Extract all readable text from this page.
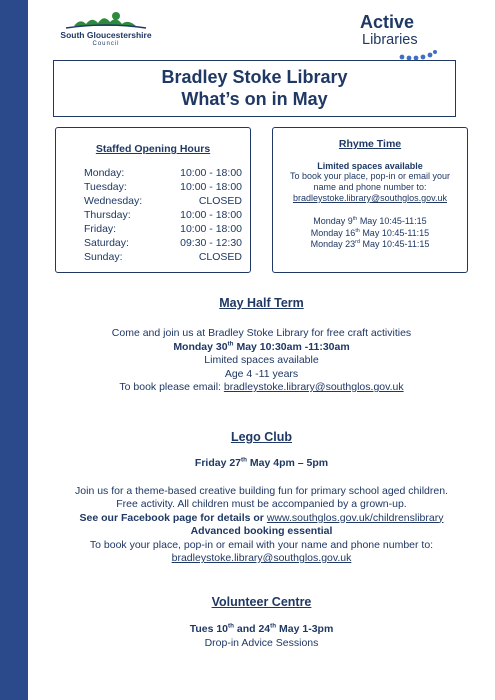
South Gloucestershire
Council
Active
Libraries
Bradley Stoke Library
What’s on in May
Staffed Opening Hours
Monday:	10:00 - 18:00
Tuesday:	10:00 - 18:00
Wednesday:	CLOSED
Thursday:	10:00 - 18:00
Friday:	10:00 - 18:00
Saturday:	09:30 - 12:30
Sunday:	CLOSED
Rhyme Time
Limited spaces available
To book your place, pop-in or email your
name and phone number to:
bradleystoke.library@southglos.gov.uk
Monday 9th May 10:45-11:15
Monday 16th May 10:45-11:15
Monday 23rd May 10:45-11:15
May Half Term
Come and join us at Bradley Stoke Library for free craft activities
Monday 30th May 10:30am -11:30am
Limited spaces available
Age 4 -11 years
To book please email: bradleystoke.library@southglos.gov.uk
Lego Club
Friday 27th May 4pm – 5pm
Join us for a theme-based creative building fun for primary school aged children.
Free activity. All children must be accompanied by a grown-up.
See our Facebook page for details or www.southglos.gov.uk/childrenslibrary
Advanced booking essential
To book your place, pop-in or email with your name and phone number to:
bradleystoke.library@southglos.gov.uk
Volunteer Centre
Tues 10th and 24th May 1-3pm
Drop-in Advice Sessions
